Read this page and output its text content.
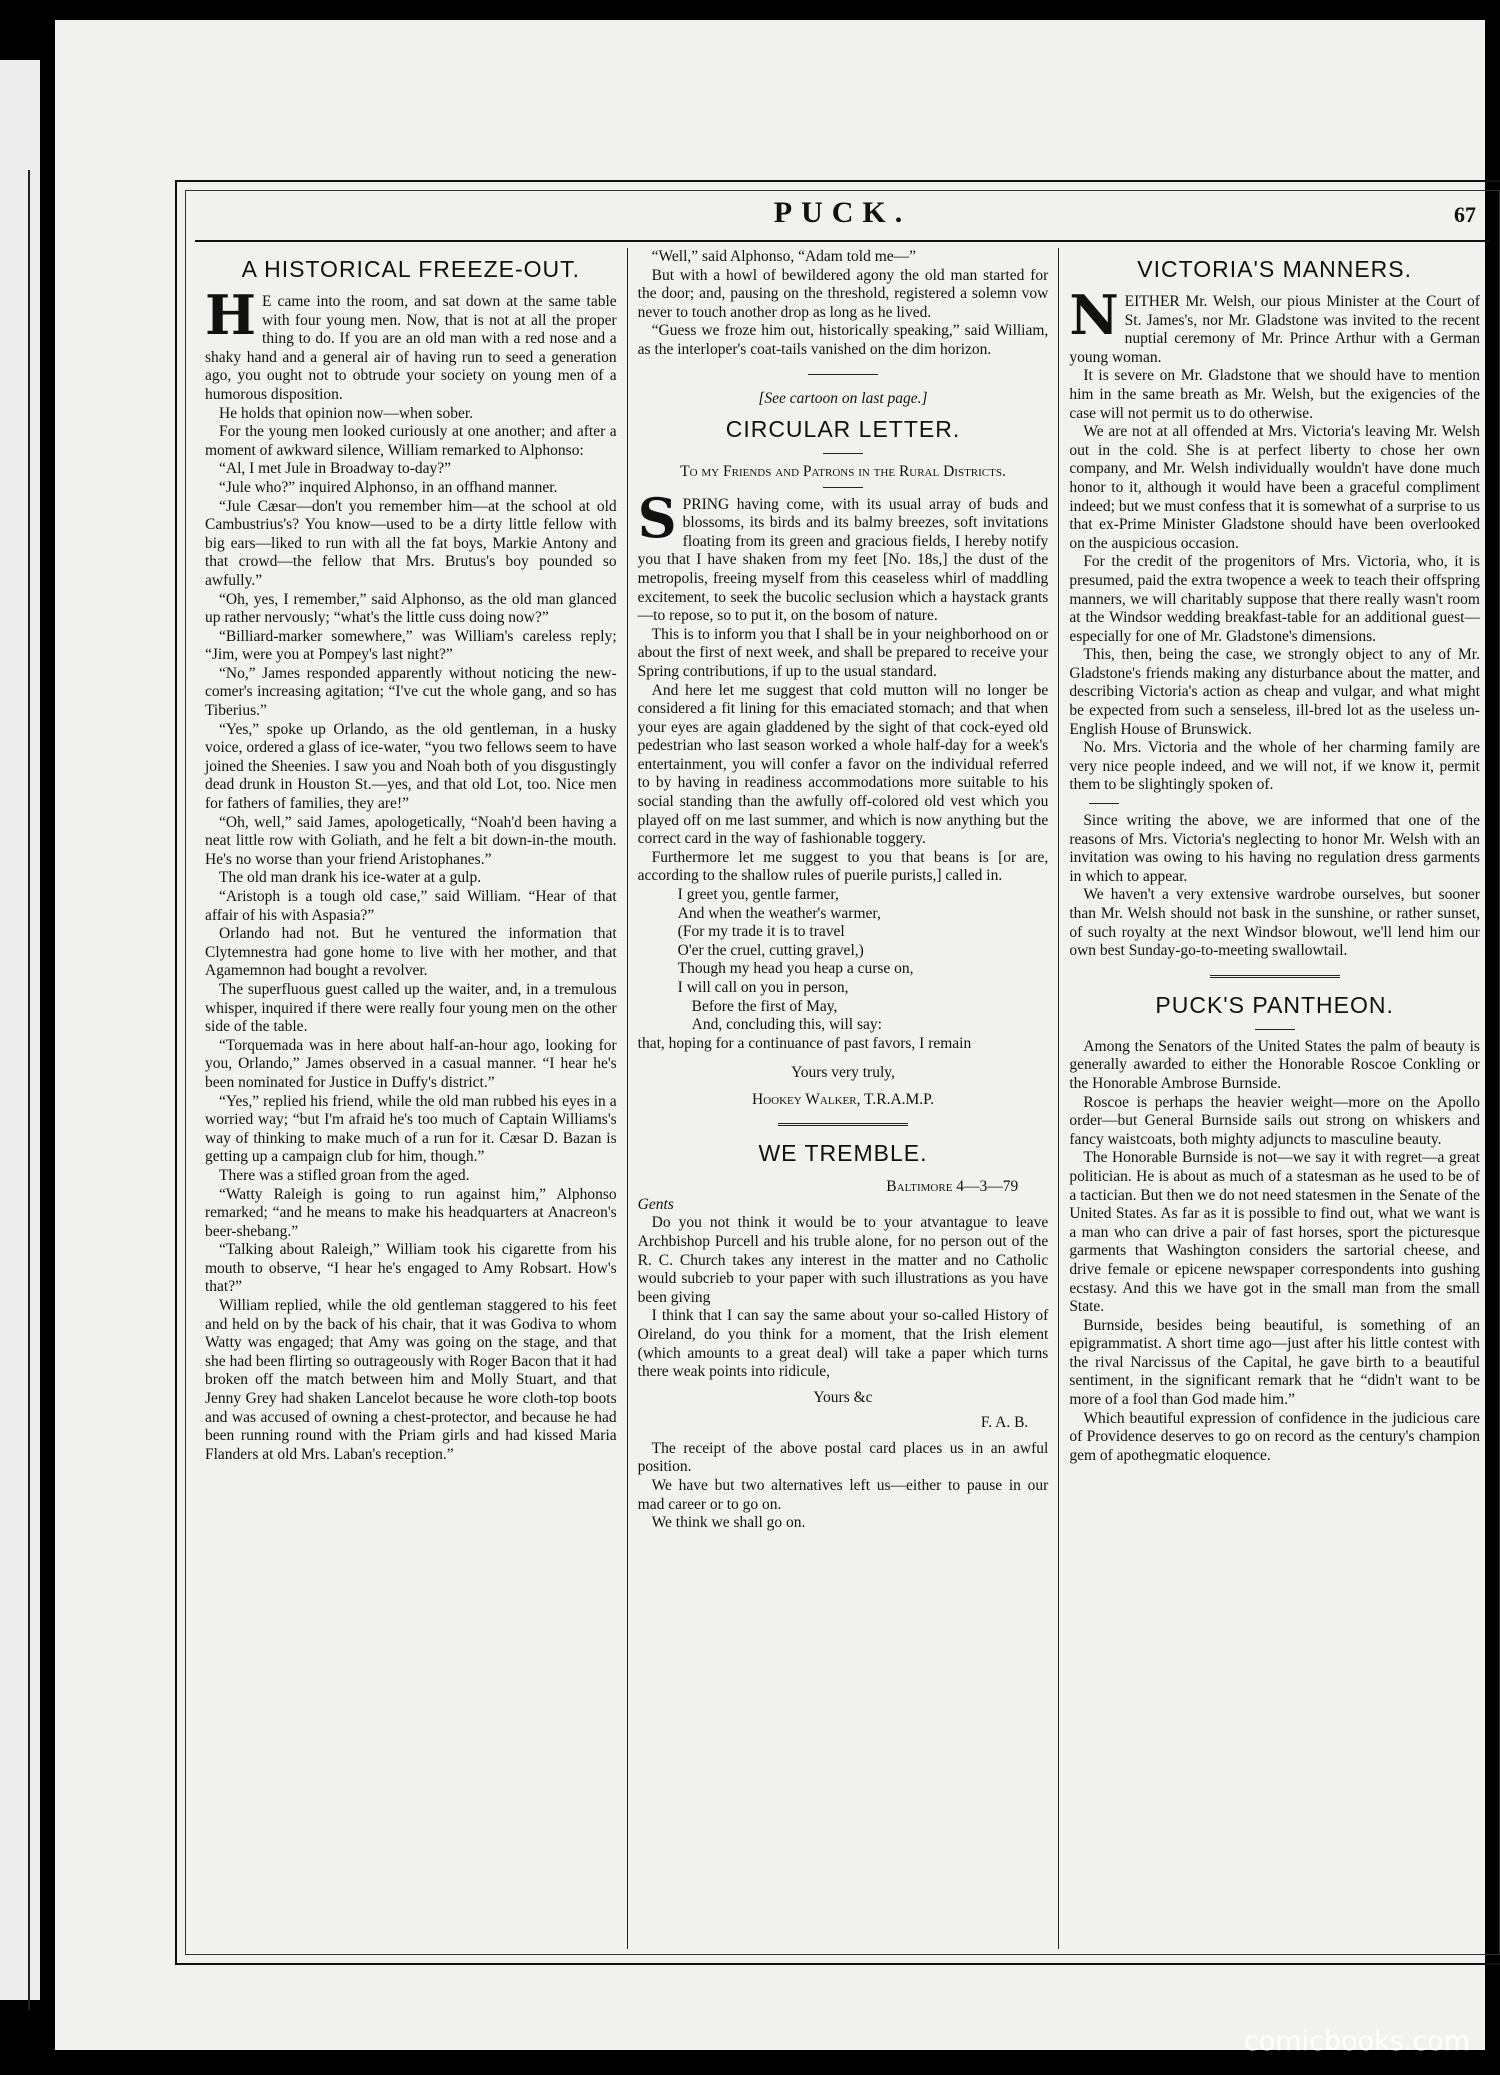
PUCK.	67
A HISTORICAL FREEZE-OUT.

H E came into the room, and sat down at the same table with four young men. Now, that is not at all the proper thing to do. If you are an old man with a red nose and a shaky hand and a general air of having run to seed a generation ago, you ought not to obtrude your society on young men of a humorous disposition.

He holds that opinion now—when sober.

For the young men looked curiously at one another; and after a moment of awkward silence, William remarked to Alphonso:

“Al, I met Jule in Broadway to-day?”

“Jule who?” inquired Alphonso, in an offhand manner.

“Jule Cæsar—don't you remember him—at the school at old Cambustrius's? You know—used to be a dirty little fellow with big ears—liked to run with all the fat boys, Markie Antony and that crowd—the fellow that Mrs. Brutus's boy pounded so awfully.”

“Oh, yes, I remember,” said Alphonso, as the old man glanced up rather nervously; “what's the little cuss doing now?”

“Billiard-marker somewhere,” was William's careless reply; “Jim, were you at Pompey's last night?”

“No,” James responded apparently without noticing the new-comer's increasing agitation; “I've cut the whole gang, and so has Tiberius.”

“Yes,” spoke up Orlando, as the old gentleman, in a husky voice, ordered a glass of ice-water, “you two fellows seem to have joined the Sheenies. I saw you and Noah both of you disgustingly dead drunk in Houston St.—yes, and that old Lot, too. Nice men for fathers of families, they are!”

“Oh, well,” said James, apologetically, “Noah'd been having a neat little row with Goliath, and he felt a bit down-in-the mouth. He's no worse than your friend Aristophanes.”

The old man drank his ice-water at a gulp.

“Aristoph is a tough old case,” said William. “Hear of that affair of his with Aspasia?”

Orlando had not. But he ventured the information that Clytemnestra had gone home to live with her mother, and that Agamemnon had bought a revolver.

The superfluous guest called up the waiter, and, in a tremulous whisper, inquired if there were really four young men on the other side of the table.

“Torquemada was in here about half-an-hour ago, looking for you, Orlando,” James observed in a casual manner. “I hear he's been nominated for Justice in Duffy's district.”

“Yes,” replied his friend, while the old man rubbed his eyes in a worried way; “but I'm afraid he's too much of Captain Williams's way of thinking to make much of a run for it. Cæsar D. Bazan is getting up a campaign club for him, though.”

There was a stifled groan from the aged.

“Watty Raleigh is going to run against him,” Alphonso remarked; “and he means to make his headquarters at Anacreon's beer-shebang.”

“Talking about Raleigh,” William took his cigarette from his mouth to observe, “I hear he's engaged to Amy Robsart. How's that?”

William replied, while the old gentleman staggered to his feet and held on by the back of his chair, that it was Godiva to whom Watty was engaged; that Amy was going on the stage, and that she had been flirting so outrageously with Roger Bacon that it had broken off the match between him and Molly Stuart, and that Jenny Grey had shaken Lancelot because he wore cloth-top boots and was accused of owning a chest-protector, and because he had been running round with the Priam girls and had kissed Maria Flanders at old Mrs. Laban's reception.”

“Well,” said Alphonso, “Adam told me—”

But with a howl of bewildered agony the old man started for the door; and, pausing on the threshold, registered a solemn vow never to touch another drop as long as he lived.

“Guess we froze him out, historically speaking,” said William, as the interloper's coat-tails vanished on the dim horizon.

[See cartoon on last page.]
CIRCULAR LETTER.
To my Friends and Patrons in the Rural Districts.

SPRING having come, with its usual array of buds and blossoms, its birds and its balmy breezes, soft invitations floating from its green and gracious fields, I hereby notify you that I have shaken from my feet [No. 18s,] the dust of the metropolis, freeing myself from this ceaseless whirl of maddling excitement, to seek the bucolic seclusion which a haystack grants—to repose, so to put it, on the bosom of nature.

This is to inform you that I shall be in your neighborhood on or about the first of next week, and shall be prepared to receive your Spring contributions, if up to the usual standard.

And here let me suggest that cold mutton will no longer be considered a fit lining for this emaciated stomach; and that when your eyes are again gladdened by the sight of that cock-eyed old pedestrian who last season worked a whole half-day for a week's entertainment, you will confer a favor on the individual referred to by having in readiness accommodations more suitable to his social standing than the awfully off-colored old vest which you played off on me last summer, and which is now anything but the correct card in the way of fashionable toggery.

Furthermore let me suggest to you that beans is [or are, according to the shallow rules of puerile purists,] called in.

I greet you, gentle farmer,
And when the weather's warmer,
(For my trade it is to travel
O'er the cruel, cutting gravel,)
Though my head you heap a curse on,
I will call on you in person,
Before the first of May,
And, concluding this, will say:

that, hoping for a continuance of past favors, I remain

Yours very truly,
Hookey Walker, T.R.A.M.P.
WE TREMBLE.
Baltimore 4—3—79
Gents

Do you not think it would be to your atvantague to leave Archbishop Purcell and his truble alone, for no person out of the R. C. Church takes any interest in the matter and no Catholic would subcrieb to your paper with such illustrations as you have been giving

I think that I can say the same about your so-called History of Oireland, do you think for a moment, that the Irish element (which amounts to a great deal) will take a paper which turns there weak points into ridicule,

Yours &c
F. A. B.

The receipt of the above postal card places us in an awful position.

We have but two alternatives left us—either to pause in our mad career or to go on.

We think we shall go on.

VICTORIA'S MANNERS.

NEITHER Mr. Welsh, our pious Minister at the Court of St. James's, nor Mr. Gladstone was invited to the recent nuptial ceremony of Mr. Prince Arthur with a German young woman.

It is severe on Mr. Gladstone that we should have to mention him in the same breath as Mr. Welsh, but the exigencies of the case will not permit us to do otherwise.

We are not at all offended at Mrs. Victoria's leaving Mr. Welsh out in the cold. She is at perfect liberty to chose her own company, and Mr. Welsh individually wouldn't have done much honor to it, although it would have been a graceful compliment indeed; but we must confess that it is somewhat of a surprise to us that ex-Prime Minister Gladstone should have been overlooked on the auspicious occasion.

For the credit of the progenitors of Mrs. Victoria, who, it is presumed, paid the extra twopence a week to teach their offspring manners, we will charitably suppose that there really wasn't room at the Windsor wedding breakfast-table for an additional guest—especially for one of Mr. Gladstone's dimensions.

This, then, being the case, we strongly object to any of Mr. Gladstone's friends making any disturbance about the matter, and describing Victoria's action as cheap and vulgar, and what might be expected from such a senseless, ill-bred lot as the useless un-English House of Brunswick.

No. Mrs. Victoria and the whole of her charming family are very nice people indeed, and we will not, if we know it, permit them to be slightingly spoken of.

Since writing the above, we are informed that one of the reasons of Mrs. Victoria's neglecting to honor Mr. Welsh with an invitation was owing to his having no regulation dress garments in which to appear.

We haven't a very extensive wardrobe ourselves, but sooner than Mr. Welsh should not bask in the sunshine, or rather sunset, of such royalty at the next Windsor blowout, we'll lend him our own best Sunday-go-to-meeting swallowtail.

PUCK'S PANTHEON.

Among the Senators of the United States the palm of beauty is generally awarded to either the Honorable Roscoe Conkling or the Honorable Ambrose Burnside.

Roscoe is perhaps the heavier weight—more on the Apollo order—but General Burnside sails out strong on whiskers and fancy waistcoats, both mighty adjuncts to masculine beauty.

The Honorable Burnside is not—we say it with regret—a great politician. He is about as much of a statesman as he used to be of a tactician. But then we do not need statesmen in the Senate of the United States. As far as it is possible to find out, what we want is a man who can drive a pair of fast horses, sport the picturesque garments that Washington considers the sartorial cheese, and drive female or epicene newspaper correspondents into gushing ecstasy. And this we have got in the small man from the small State.

Burnside, besides being beautiful, is something of an epigrammatist. A short time ago—just after his little contest with the rival Narcissus of the Capital, he gave birth to a beautiful sentiment, in the significant remark that he “didn't want to be more of a fool than God made him.”

Which beautiful expression of confidence in the judicious care of Providence deserves to go on record as the century's champion gem of apothegmatic eloquence.

comicbooks.com
